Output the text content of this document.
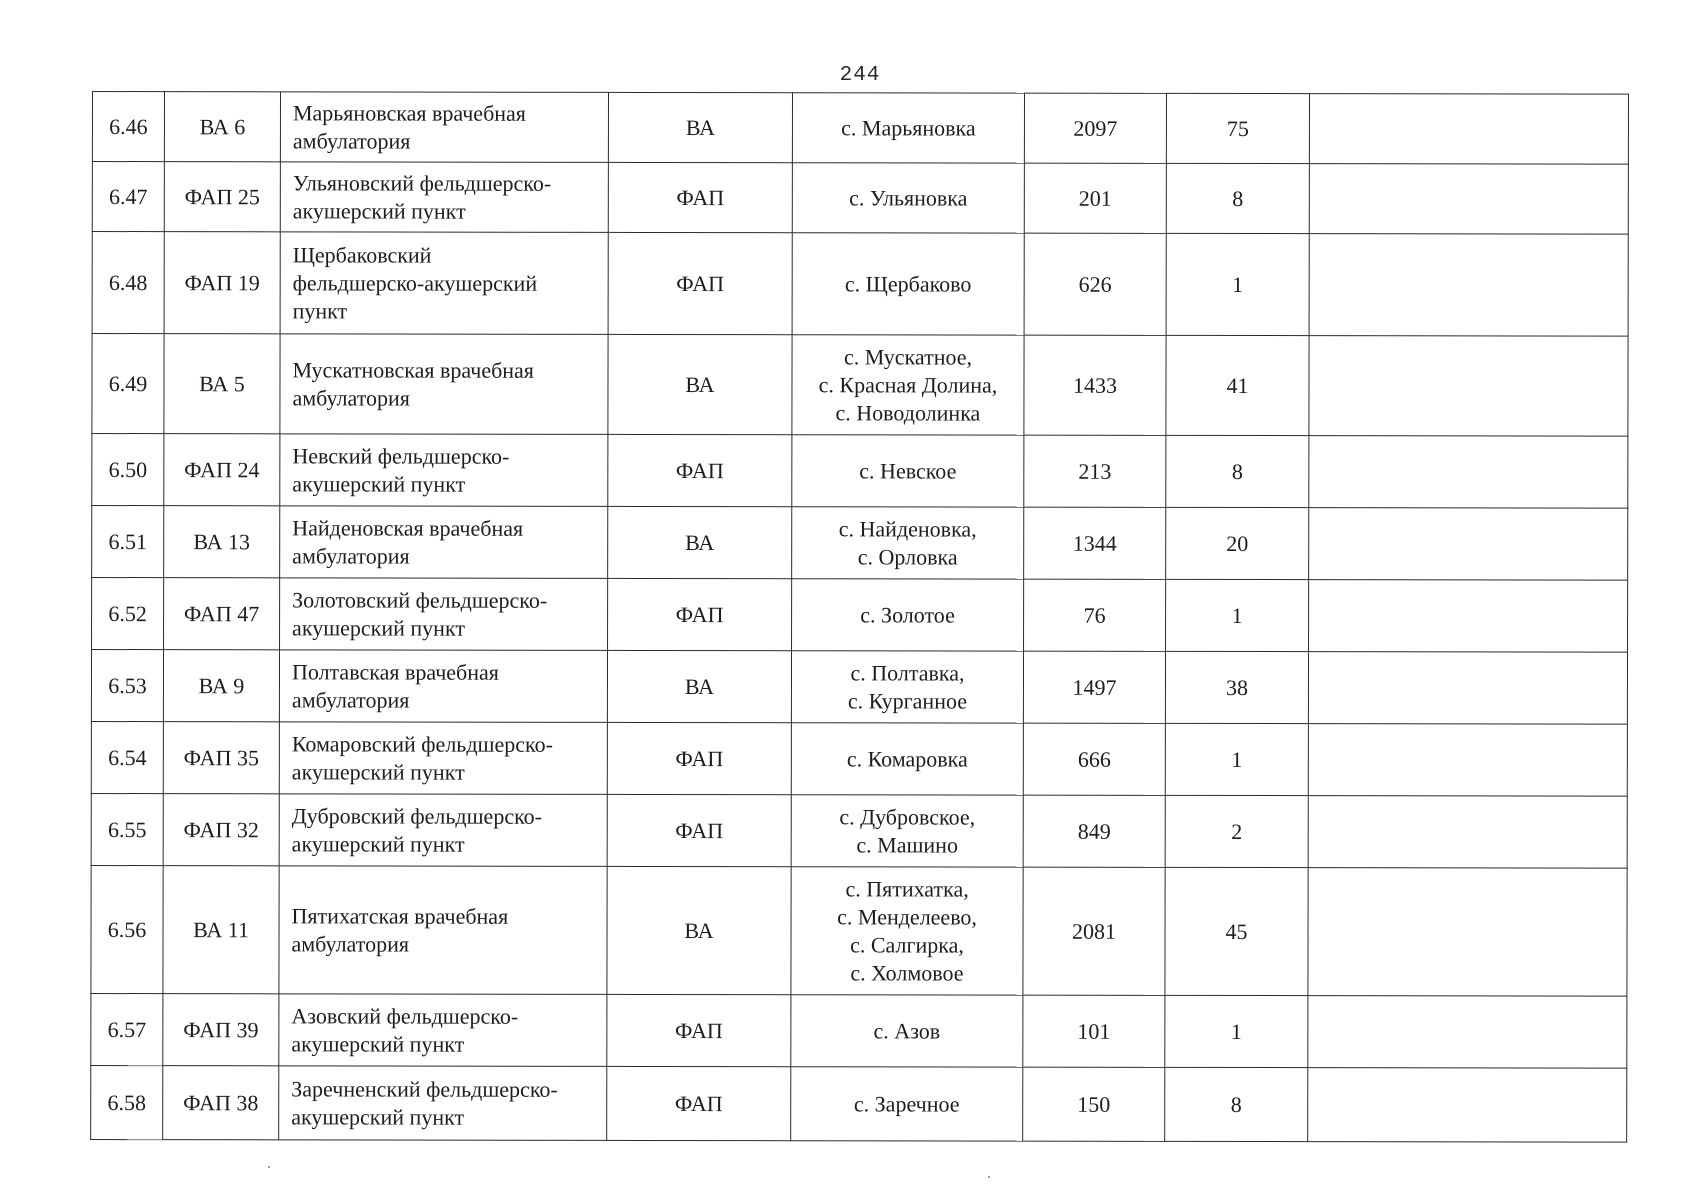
244
6.46	ВА 6	Марьяновская врачебная
амбулатория	ВА	с. Марьяновка	2097	75	
6.47	ФАП 25	Ульяновский фельдшерско-
акушерский пункт	ФАП	с. Ульяновка	201	8	
6.48	ФАП 19	Щербаковский
фельдшерско-акушерский
пункт	ФАП	с. Щербаково	626	1	
6.49	ВА 5	Мускатновская врачебная
амбулатория	ВА	с. Мускатное,
с. Красная Долина,
с. Новодолинка	1433	41	
6.50	ФАП 24	Невский фельдшерско-
акушерский пункт	ФАП	с. Невское	213	8	
6.51	ВА 13	Найденовская врачебная
амбулатория	ВА	с. Найденовка,
с. Орловка	1344	20	
6.52	ФАП 47	Золотовский фельдшерско-
акушерский пункт	ФАП	с. Золотое	76	1	
6.53	ВА 9	Полтавская врачебная
амбулатория	ВА	с. Полтавка,
с. Курганное	1497	38	
6.54	ФАП 35	Комаровский фельдшерско-
акушерский пункт	ФАП	с. Комаровка	666	1	
6.55	ФАП 32	Дубровский фельдшерско-
акушерский пункт	ФАП	с. Дубровское,
с. Машино	849	2	
6.56	ВА 11	Пятихатская врачебная
амбулатория	ВА	с. Пятихатка,
с. Менделеево,
с. Салгирка,
с. Холмовое	2081	45	
6.57	ФАП 39	Азовский фельдшерско-
акушерский пункт	ФАП	с. Азов	101	1	
6.58	ФАП 38	Заречненский фельдшерско-
акушерский пункт	ФАП	с. Заречное	150	8	
